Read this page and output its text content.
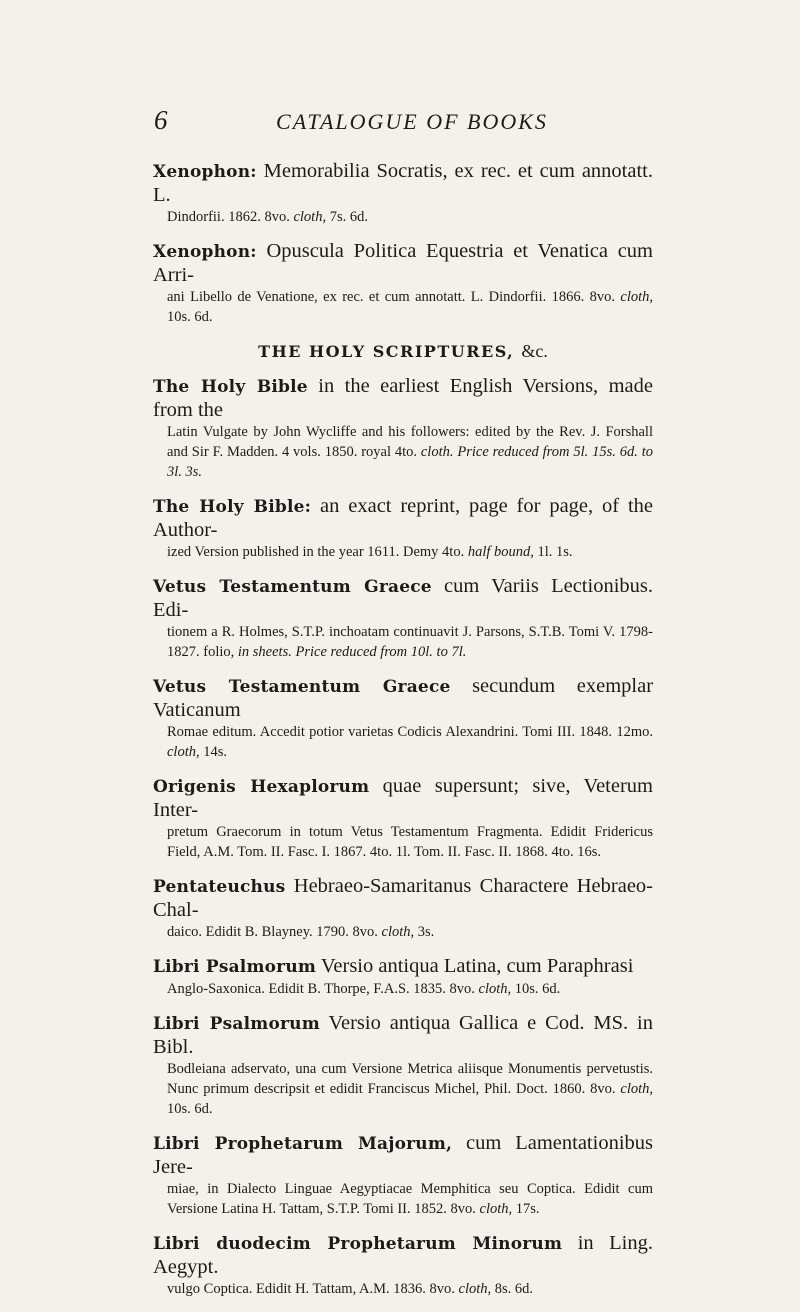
6	CATALOGUE OF BOOKS

Xenophon: Memorabilia Socratis, ex rec. et cum annotatt. L.

Dindorfii. 1862. 8vo. cloth, 7s. 6d.

Xenophon: Opuscula Politica Equestria et Venatica cum Arri-

ani Libello de Venatione, ex rec. et cum annotatt. L. Dindorfii. 1866. 8vo. cloth, 10s. 6d.

THE HOLY SCRIPTURES, &c.

The Holy Bible in the earliest English Versions, made from the

Latin Vulgate by John Wycliffe and his followers: edited by the Rev. J. Forshall and Sir F. Madden. 4 vols. 1850. royal 4to. cloth. Price reduced from 5l. 15s. 6d. to 3l. 3s.

The Holy Bible: an exact reprint, page for page, of the Author-

ized Version published in the year 1611. Demy 4to. half bound, 1l. 1s.

Vetus Testamentum Graece cum Variis Lectionibus. Edi-

tionem a R. Holmes, S.T.P. inchoatam continuavit J. Parsons, S.T.B. Tomi V. 1798-1827. folio, in sheets. Price reduced from 10l. to 7l.

Vetus Testamentum Graece secundum exemplar Vaticanum

Romae editum. Accedit potior varietas Codicis Alexandrini. Tomi III. 1848. 12mo. cloth, 14s.

Origenis Hexaplorum quae supersunt; sive, Veterum Inter-

pretum Graecorum in totum Vetus Testamentum Fragmenta. Edidit Fridericus Field, A.M. Tom. II. Fasc. I. 1867. 4to. 1l. Tom. II. Fasc. II. 1868. 4to. 16s.

Pentateuchus Hebraeo-Samaritanus Charactere Hebraeo-Chal-

daico. Edidit B. Blayney. 1790. 8vo. cloth, 3s.

Libri Psalmorum Versio antiqua Latina, cum Paraphrasi

Anglo-Saxonica. Edidit B. Thorpe, F.A.S. 1835. 8vo. cloth, 10s. 6d.

Libri Psalmorum Versio antiqua Gallica e Cod. MS. in Bibl.

Bodleiana adservato, una cum Versione Metrica aliisque Monumentis pervetustis. Nunc primum descripsit et edidit Franciscus Michel, Phil. Doct. 1860. 8vo. cloth, 10s. 6d.

Libri Prophetarum Majorum, cum Lamentationibus Jere-

miae, in Dialecto Linguae Aegyptiacae Memphitica seu Coptica. Edidit cum Versione Latina H. Tattam, S.T.P. Tomi II. 1852. 8vo. cloth, 17s.

Libri duodecim Prophetarum Minorum in Ling. Aegypt.

vulgo Coptica. Edidit H. Tattam, A.M. 1836. 8vo. cloth, 8s. 6d.
